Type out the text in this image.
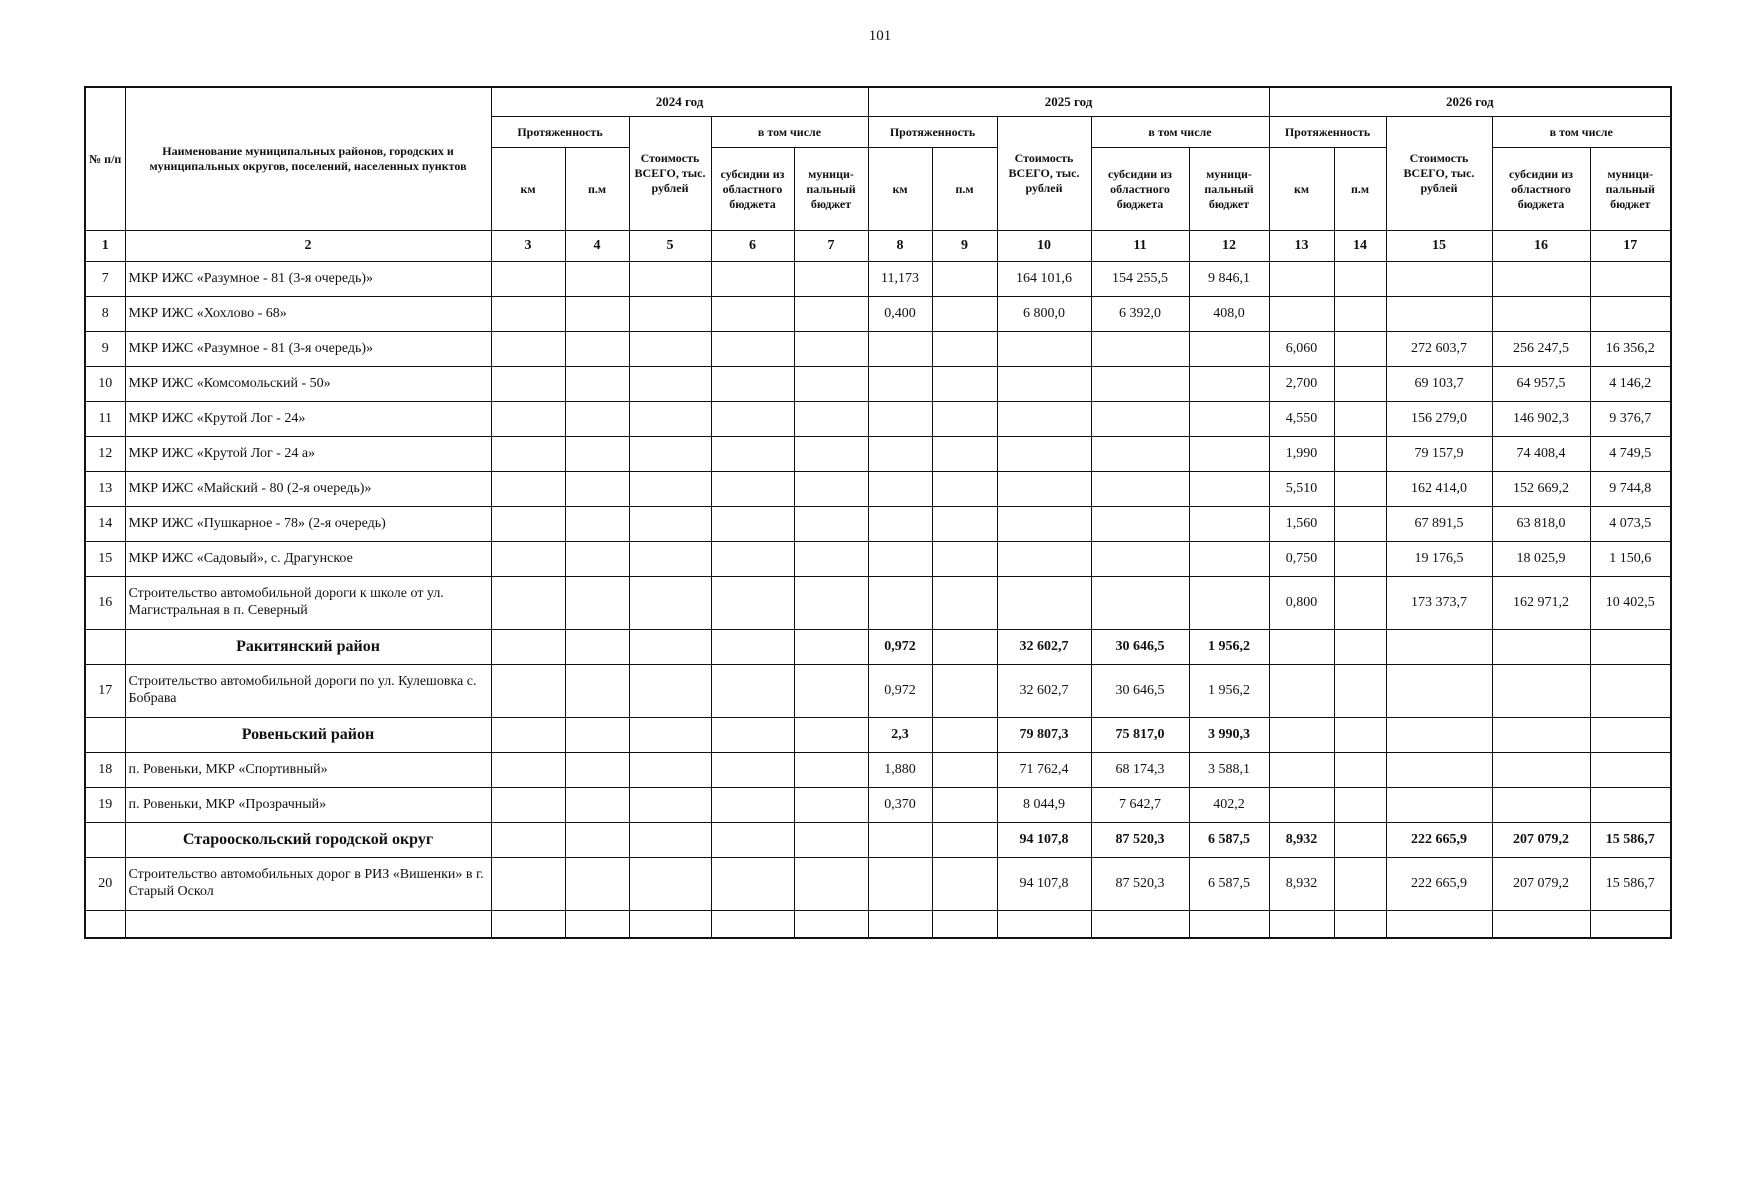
101
№ п/п	Наименование муниципальных районов, городских и муниципальных округов, поселений, населенных пунктов	2024 год					2025 год					2026 год				
		Протяженность		Стоимость ВСЕГО, тыс. рублей	в том числе		Протяженность		Стоимость ВСЕГО, тыс. рублей	в том числе		Протяженность		Стоимость ВСЕГО, тыс. рублей	в том числе	
		км	п.м		субсидии из областного бюджета	муници-пальный бюджет	км	п.м		субсидии из областного бюджета	муници-пальный бюджет	км	п.м		субсидии из областного бюджета	муници-пальный бюджет
1	2	3	4	5	6	7	8	9	10	11	12	13	14	15	16	17
7	МКР ИЖС «Разумное - 81 (3-я очередь)»						11,173		164 101,6	154 255,5	9 846,1					
8	МКР ИЖС «Хохлово - 68»						0,400		6 800,0	6 392,0	408,0					
9	МКР ИЖС «Разумное - 81 (3-я очередь)»											6,060		272 603,7	256 247,5	16 356,2
10	МКР ИЖС «Комсомольский - 50»											2,700		69 103,7	64 957,5	4 146,2
11	МКР ИЖС «Крутой Лог - 24»											4,550		156 279,0	146 902,3	9 376,7
12	МКР ИЖС «Крутой Лог - 24 а»											1,990		79 157,9	74 408,4	4 749,5
13	МКР ИЖС «Майский - 80 (2-я очередь)»											5,510		162 414,0	152 669,2	9 744,8
14	МКР ИЖС «Пушкарное - 78» (2-я очередь)											1,560		67 891,5	63 818,0	4 073,5
15	МКР ИЖС «Садовый», с. Драгунское											0,750		19 176,5	18 025,9	1 150,6
16	Строительство автомобильной дороги к школе от ул. Магистральная в п. Северный											0,800		173 373,7	162 971,2	10 402,5
	Ракитянский район						0,972		32 602,7	30 646,5	1 956,2					
17	Строительство автомобильной дороги по ул. Кулешовка с. Бобрава						0,972		32 602,7	30 646,5	1 956,2					
	Ровеньский район						2,3		79 807,3	75 817,0	3 990,3					
18	п. Ровеньки, МКР «Спортивный»						1,880		71 762,4	68 174,3	3 588,1					
19	п. Ровеньки, МКР «Прозрачный»						0,370		8 044,9	7 642,7	402,2					
	Старооскольский городской округ								94 107,8	87 520,3	6 587,5	8,932		222 665,9	207 079,2	15 586,7
20	Строительство автомобильных дорог в РИЗ «Вишенки» в г. Старый Оскол								94 107,8	87 520,3	6 587,5	8,932		222 665,9	207 079,2	15 586,7
